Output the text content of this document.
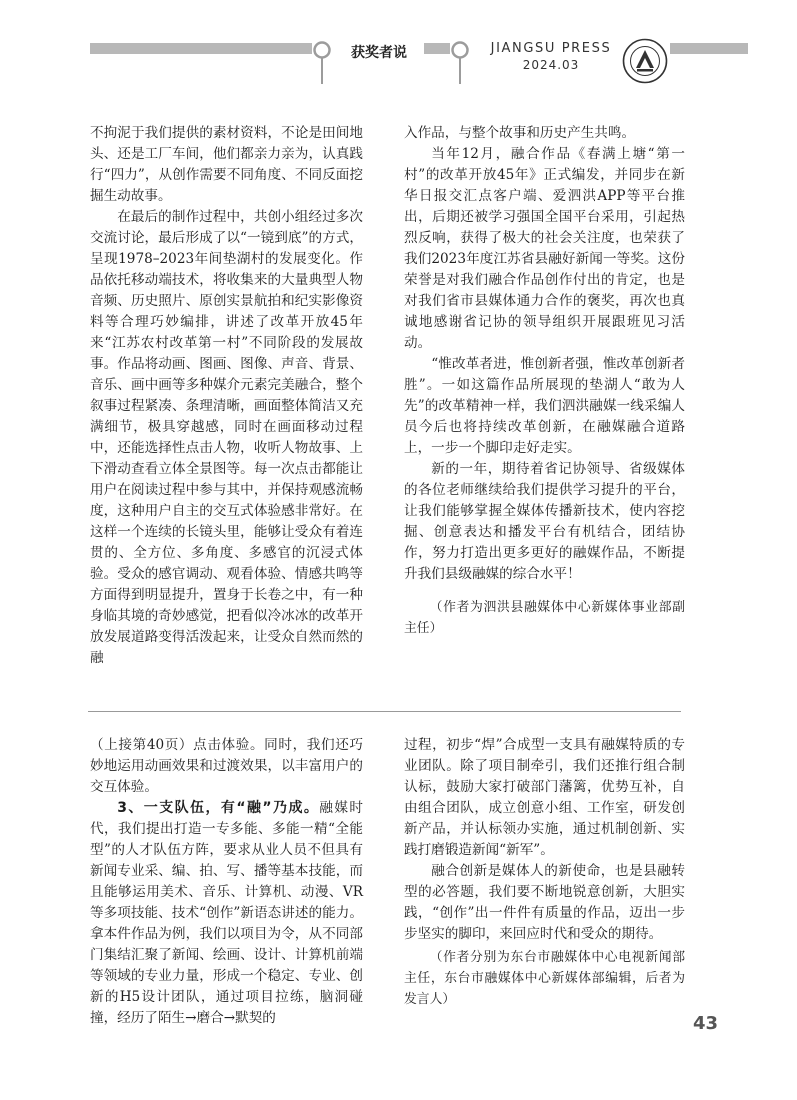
获奖者说	JIANGSU PRESS
2024.03

不拘泥于我们提供的素材资料，不论是田间地头、还是工厂车间，他们都亲力亲为，认真践行“四力”，从创作需要不同角度、不同反面挖掘生动故事。

在最后的制作过程中，共创小组经过多次交流讨论，最后形成了以“一镜到底”的方式，呈现1978–2023年间垫湖村的发展变化。作品依托移动端技术，将收集来的大量典型人物音频、历史照片、原创实景航拍和纪实影像资料等合理巧妙编排，讲述了改革开放45年来“江苏农村改革第一村”不同阶段的发展故事。作品将动画、图画、图像、声音、背景、音乐、画中画等多种媒介元素完美融合，整个叙事过程紧凑、条理清晰，画面整体简洁又充满细节，极具穿越感，同时在画面移动过程中，还能选择性点击人物，收听人物故事、上下滑动查看立体全景图等。每一次点击都能让用户在阅读过程中参与其中，并保持观感流畅度，这种用户自主的交互式体验感非常好。在这样一个连续的长镜头里，能够让受众有着连贯的、全方位、多角度、多感官的沉浸式体验。受众的感官调动、观看体验、情感共鸣等方面得到明显提升，置身于长卷之中，有一种身临其境的奇妙感觉，把看似冷冰冰的改革开放发展道路变得活泼起来，让受众自然而然的融

入作品，与整个故事和历史产生共鸣。

当年12月，融合作品《春满上塘“第一村”的改革开放45年》正式编发，并同步在新华日报交汇点客户端、爱泗洪APP等平台推出，后期还被学习强国全国平台采用，引起热烈反响，获得了极大的社会关注度，也荣获了我们2023年度江苏省县融好新闻一等奖。这份荣誉是对我们融合作品创作付出的肯定，也是对我们省市县媒体通力合作的褒奖，再次也真诚地感谢省记协的领导组织开展跟班见习活动。

“惟改革者进，惟创新者强，惟改革创新者胜”。一如这篇作品所展现的垫湖人“敢为人先”的改革精神一样，我们泗洪融媒一线采编人员今后也将持续改革创新，在融媒融合道路上，一步一个脚印走好走实。

新的一年，期待着省记协领导、省级媒体的各位老师继续给我们提供学习提升的平台，让我们能够掌握全媒体传播新技术，使内容挖掘、创意表达和播发平台有机结合，团结协作，努力打造出更多更好的融媒作品，不断提升我们县级融媒的综合水平！

（作者为泗洪县融媒体中心新媒体事业部副主任）

（上接第40页）点击体验。同时，我们还巧妙地运用动画效果和过渡效果，以丰富用户的交互体验。

3、一支队伍，有“融”乃成。融媒时代，我们提出打造一专多能、多能一精“全能型”的人才队伍方阵，要求从业人员不但具有新闻专业采、编、拍、写、播等基本技能，而且能够运用美术、音乐、计算机、动漫、VR等多项技能、技术“创作”新语态讲述的能力。拿本件作品为例，我们以项目为令，从不同部门集结汇聚了新闻、绘画、设计、计算机前端等领域的专业力量，形成一个稳定、专业、创新的H5设计团队，通过项目拉练，脑洞碰撞，经历了陌生→磨合→默契的

过程，初步“焊”合成型一支具有融媒特质的专业团队。除了项目制牵引，我们还推行组合制认标，鼓励大家打破部门藩篱，优势互补，自由组合团队，成立创意小组、工作室，研发创新产品，并认标领办实施，通过机制创新、实践打磨锻造新闻“新军”。

融合创新是媒体人的新使命，也是县融转型的必答题，我们要不断地锐意创新，大胆实践，“创作”出一件件有质量的作品，迈出一步步坚实的脚印，来回应时代和受众的期待。

（作者分别为东台市融媒体中心电视新闻部主任，东台市融媒体中心新媒体部编辑，后者为发言人）

43
